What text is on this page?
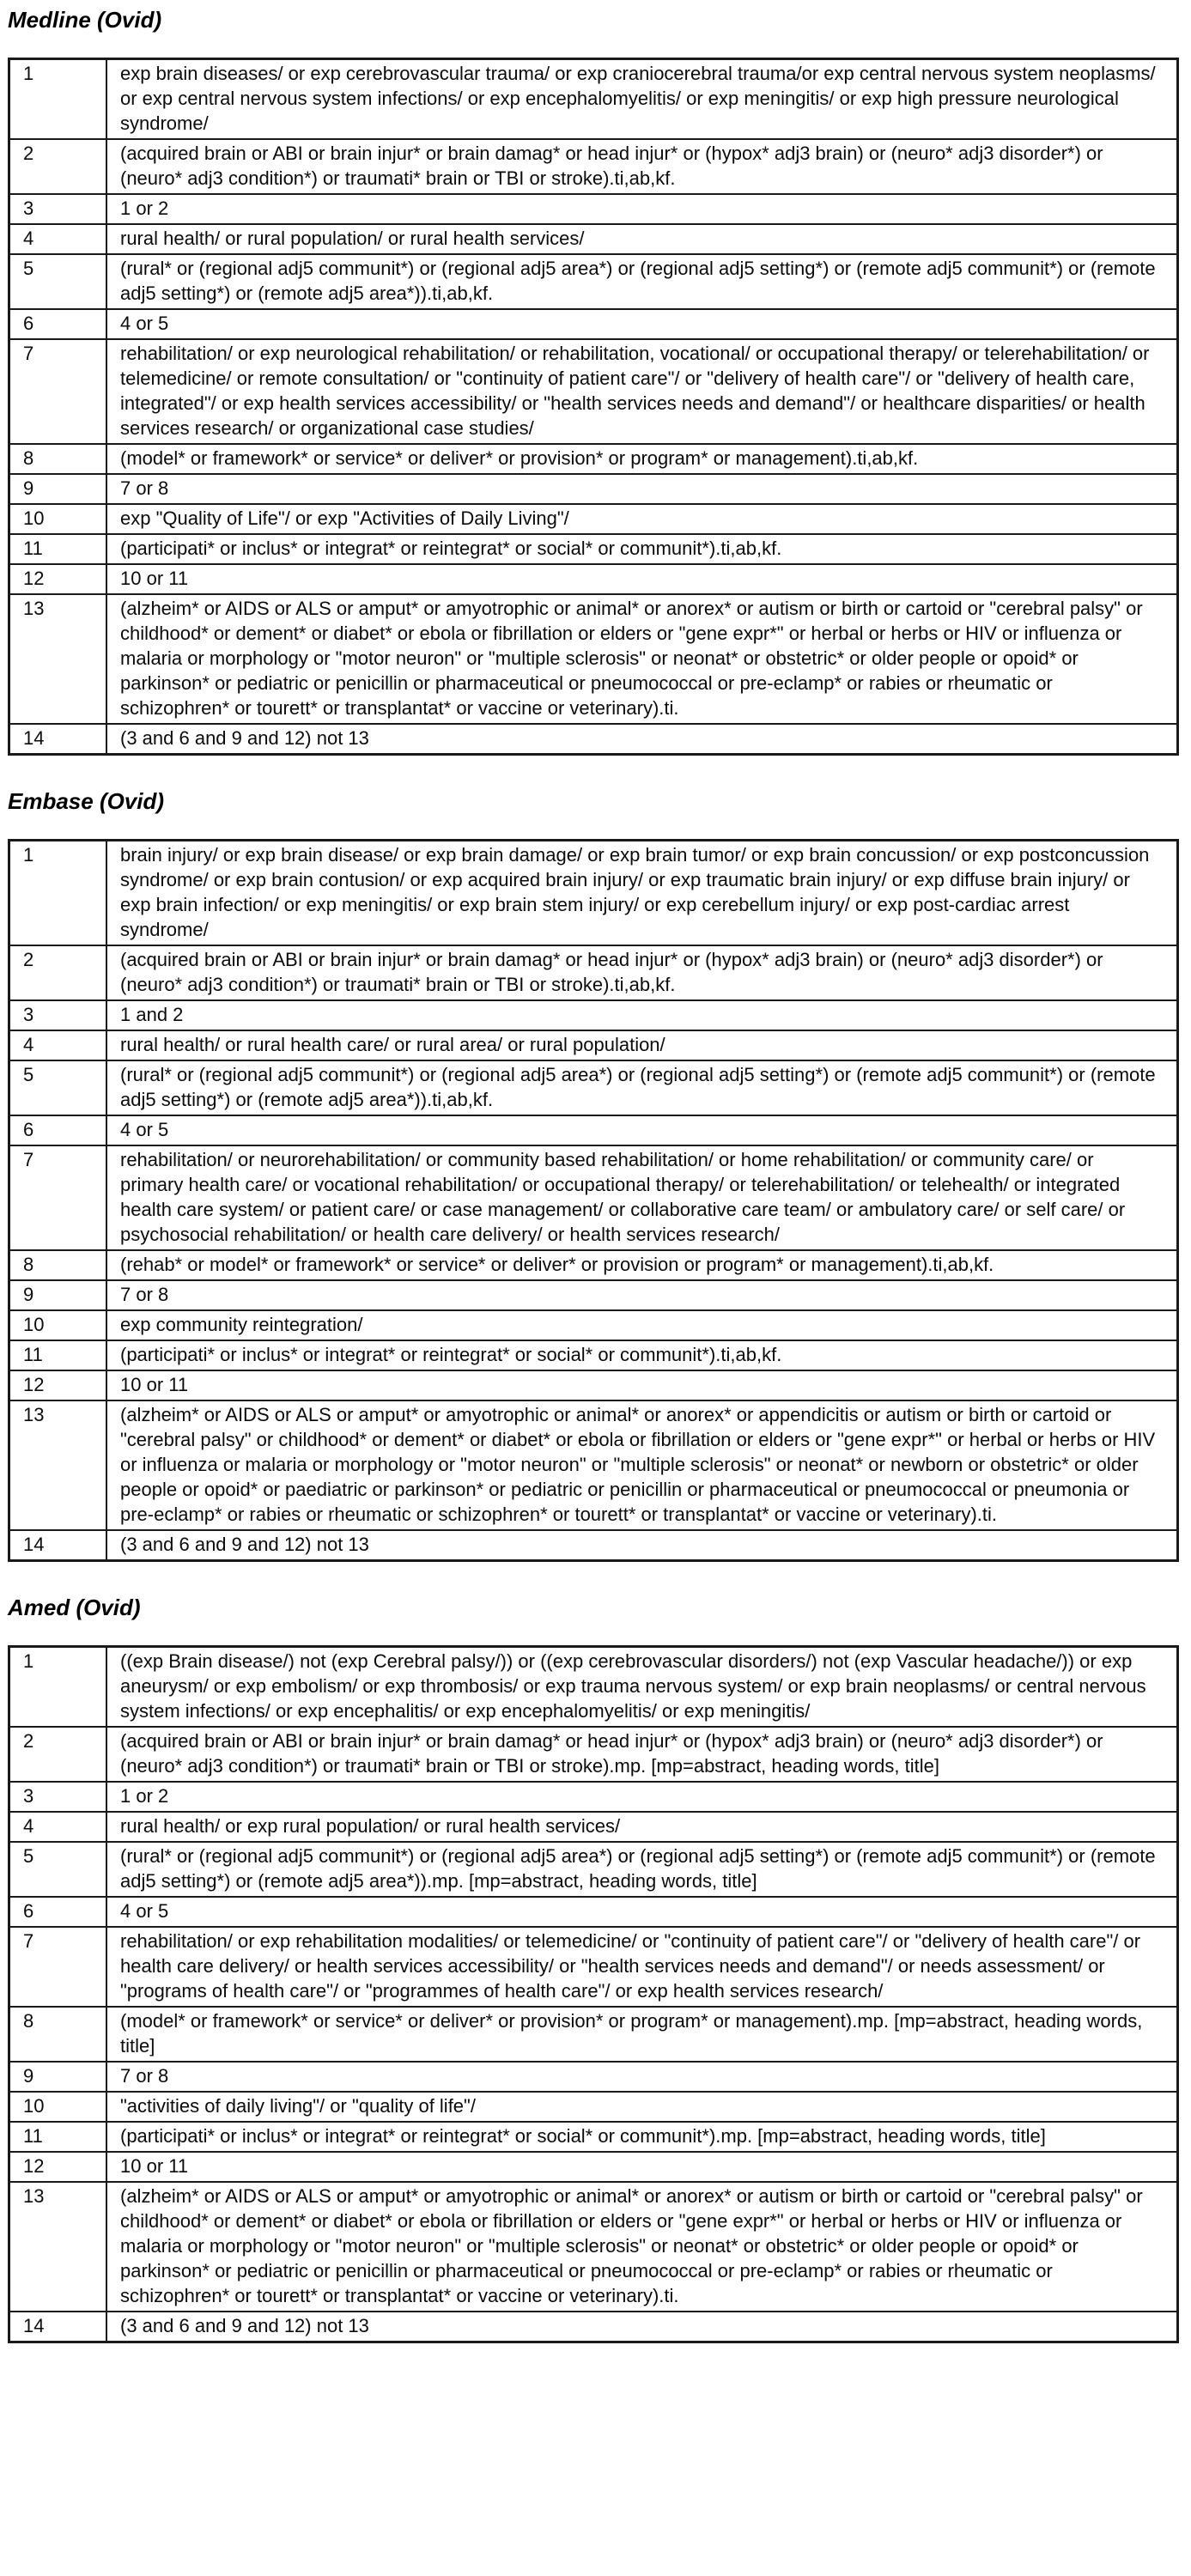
Medline (Ovid)
1	exp brain diseases/ or exp cerebrovascular trauma/ or exp craniocerebral trauma/or exp central nervous system neoplasms/ or exp central nervous system infections/ or exp encephalomyelitis/ or exp meningitis/ or exp high pressure neurological syndrome/
2	(acquired brain or ABI or brain injur* or brain damag* or head injur* or (hypox* adj3 brain) or (neuro* adj3 disorder*) or (neuro* adj3 condition*) or traumati* brain or TBI or stroke).ti,ab,kf.
3	1 or 2
4	rural health/ or rural population/ or rural health services/
5	(rural* or (regional adj5 communit*) or (regional adj5 area*) or (regional adj5 setting*) or (remote adj5 communit*) or (remote adj5 setting*) or (remote adj5 area*)).ti,ab,kf.
6	4 or 5
7	rehabilitation/ or exp neurological rehabilitation/ or rehabilitation, vocational/ or occupational therapy/ or telerehabilitation/ or telemedicine/ or remote consultation/ or "continuity of patient care"/ or "delivery of health care"/ or "delivery of health care, integrated"/ or exp health services accessibility/ or "health services needs and demand"/ or healthcare disparities/ or health services research/ or organizational case studies/
8	(model* or framework* or service* or deliver* or provision* or program* or management).ti,ab,kf.
9	7 or 8
10	exp "Quality of Life"/ or exp "Activities of Daily Living"/
11	(participati* or inclus* or integrat* or reintegrat* or social* or communit*).ti,ab,kf.
12	10 or 11
13	(alzheim* or AIDS or ALS or amput* or amyotrophic or animal* or anorex* or autism or birth or cartoid or "cerebral palsy" or childhood* or dement* or diabet* or ebola or fibrillation or elders or "gene expr*" or herbal or herbs or HIV or influenza or malaria or morphology or "motor neuron" or "multiple sclerosis" or neonat* or obstetric* or older people or opoid* or parkinson* or pediatric or penicillin or pharmaceutical or pneumococcal or pre-eclamp* or rabies or rheumatic or schizophren* or tourett* or transplantat* or vaccine or veterinary).ti.
14	(3 and 6 and 9 and 12) not 13
Embase (Ovid)
1	brain injury/ or exp brain disease/ or exp brain damage/ or exp brain tumor/ or exp brain concussion/ or exp postconcussion syndrome/ or exp brain contusion/ or exp acquired brain injury/ or exp traumatic brain injury/ or exp diffuse brain injury/ or exp brain infection/ or exp meningitis/ or exp brain stem injury/ or exp cerebellum injury/ or exp post-cardiac arrest syndrome/
2	(acquired brain or ABI or brain injur* or brain damag* or head injur* or (hypox* adj3 brain) or (neuro* adj3 disorder*) or (neuro* adj3 condition*) or traumati* brain or TBI or stroke).ti,ab,kf.
3	1 and 2
4	rural health/ or rural health care/ or rural area/ or rural population/
5	(rural* or (regional adj5 communit*) or (regional adj5 area*) or (regional adj5 setting*) or (remote adj5 communit*) or (remote adj5 setting*) or (remote adj5 area*)).ti,ab,kf.
6	4 or 5
7	rehabilitation/ or neurorehabilitation/ or community based rehabilitation/ or home rehabilitation/ or community care/ or primary health care/ or vocational rehabilitation/ or occupational therapy/ or telerehabilitation/ or telehealth/ or integrated health care system/ or patient care/ or case management/ or collaborative care team/ or ambulatory care/ or self care/ or psychosocial rehabilitation/ or health care delivery/ or health services research/
8	(rehab* or model* or framework* or service* or deliver* or provision or program* or management).ti,ab,kf.
9	7 or 8
10	exp community reintegration/
11	(participati* or inclus* or integrat* or reintegrat* or social* or communit*).ti,ab,kf.
12	10 or 11
13	(alzheim* or AIDS or ALS or amput* or amyotrophic or animal* or anorex* or appendicitis or autism or birth or cartoid or "cerebral palsy" or childhood* or dement* or diabet* or ebola or fibrillation or elders or "gene expr*" or herbal or herbs or HIV or influenza or malaria or morphology or "motor neuron" or "multiple sclerosis" or neonat* or newborn or obstetric* or older people or opoid* or paediatric or parkinson* or pediatric or penicillin or pharmaceutical or pneumococcal or pneumonia or pre-eclamp* or rabies or rheumatic or schizophren* or tourett* or transplantat* or vaccine or veterinary).ti.
14	(3 and 6 and 9 and 12) not 13
Amed (Ovid)
1	((exp Brain disease/) not (exp Cerebral palsy/)) or ((exp cerebrovascular disorders/) not (exp Vascular headache/)) or exp aneurysm/ or exp embolism/ or exp thrombosis/ or exp trauma nervous system/ or exp brain neoplasms/ or central nervous system infections/ or exp encephalitis/ or exp encephalomyelitis/ or exp meningitis/
2	(acquired brain or ABI or brain injur* or brain damag* or head injur* or (hypox* adj3 brain) or (neuro* adj3 disorder*) or (neuro* adj3 condition*) or traumati* brain or TBI or stroke).mp. [mp=abstract, heading words, title]
3	1 or 2
4	rural health/ or exp rural population/ or rural health services/
5	(rural* or (regional adj5 communit*) or (regional adj5 area*) or (regional adj5 setting*) or (remote adj5 communit*) or (remote adj5 setting*) or (remote adj5 area*)).mp. [mp=abstract, heading words, title]
6	4 or 5
7	rehabilitation/ or exp rehabilitation modalities/ or telemedicine/ or "continuity of patient care"/ or "delivery of health care"/ or health care delivery/ or health services accessibility/ or "health services needs and demand"/ or needs assessment/ or "programs of health care"/ or "programmes of health care"/ or exp health services research/
8	(model* or framework* or service* or deliver* or provision* or program* or management).mp. [mp=abstract, heading words, title]
9	7 or 8
10	"activities of daily living"/ or "quality of life"/
11	(participati* or inclus* or integrat* or reintegrat* or social* or communit*).mp. [mp=abstract, heading words, title]
12	10 or 11
13	(alzheim* or AIDS or ALS or amput* or amyotrophic or animal* or anorex* or autism or birth or cartoid or "cerebral palsy" or childhood* or dement* or diabet* or ebola or fibrillation or elders or "gene expr*" or herbal or herbs or HIV or influenza or malaria or morphology or "motor neuron" or "multiple sclerosis" or neonat* or obstetric* or older people or opoid* or parkinson* or pediatric or penicillin or pharmaceutical or pneumococcal or pre-eclamp* or rabies or rheumatic or schizophren* or tourett* or transplantat* or vaccine or veterinary).ti.
14	(3 and 6 and 9 and 12) not 13
